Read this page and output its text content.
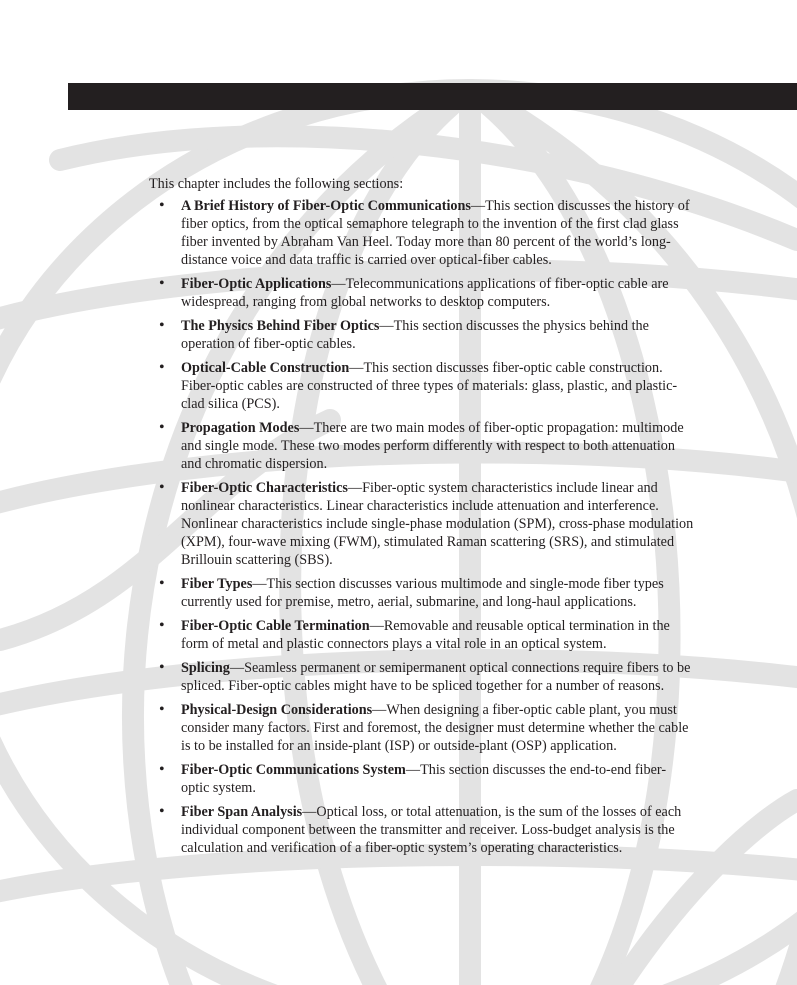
This chapter includes the following sections:

• A Brief History of Fiber-Optic Communications—This section discusses the history of fiber optics, from the optical semaphore telegraph to the invention of the first clad glass fiber invented by Abraham Van Heel. Today more than 80 percent of the world’s long-distance voice and data traffic is carried over optical-fiber cables.
• Fiber-Optic Applications—Telecommunications applications of fiber-optic cable are widespread, ranging from global networks to desktop computers.
• The Physics Behind Fiber Optics—This section discusses the physics behind the operation of fiber-optic cables.
• Optical-Cable Construction—This section discusses fiber-optic cable construction. Fiber-optic cables are constructed of three types of materials: glass, plastic, and plastic-clad silica (PCS).
• Propagation Modes—There are two main modes of fiber-optic propagation: multimode and single mode. These two modes perform differently with respect to both attenuation and chromatic dispersion.
• Fiber-Optic Characteristics—Fiber-optic system characteristics include linear and nonlinear characteristics. Linear characteristics include attenuation and interference. Nonlinear characteristics include single-phase modulation (SPM), cross-phase modulation (XPM), four-wave mixing (FWM), stimulated Raman scattering (SRS), and stimulated Brillouin scattering (SBS).
• Fiber Types—This section discusses various multimode and single-mode fiber types currently used for premise, metro, aerial, submarine, and long-haul applications.
• Fiber-Optic Cable Termination—Removable and reusable optical termination in the form of metal and plastic connectors plays a vital role in an optical system.
• Splicing—Seamless permanent or semipermanent optical connections require fibers to be spliced. Fiber-optic cables might have to be spliced together for a number of reasons.
• Physical-Design Considerations—When designing a fiber-optic cable plant, you must consider many factors. First and foremost, the designer must determine whether the cable is to be installed for an inside-plant (ISP) or outside-plant (OSP) application.
• Fiber-Optic Communications System—This section discusses the end-to-end fiber-optic system.
• Fiber Span Analysis—Optical loss, or total attenuation, is the sum of the losses of each individual component between the transmitter and receiver. Loss-budget analysis is the calculation and verification of a fiber-optic system’s operating characteristics.
